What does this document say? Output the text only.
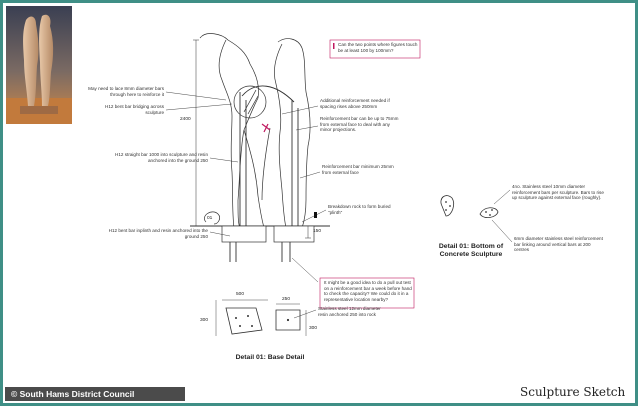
Can the two points where figures touch be at least 100 by 100mm?
May need to lace 8mm diameter bars through here to reinforce it
H12 bent bar bridging across sculpture
Additional reinforcement needed if spacing rises above 250mm
Reinforcement bar can be up to 75mm from external face to deal with any minor projections.
H12 straight bar 1000 into sculpture and resin anchored into the ground 250
Reinforcement bar minimum 25mm from external face
Breakdown rock to form buried "plinth"
H12 bent bar inplinth and resin anchored into the ground 250
It might be a good idea to do a pull out test on a reinforcement bar a week before hand to check the capacity? We could do it in a representative location nearby?
Stainless steel 12mm diameter resin anchored 250 into rock
4no. Stainless steel 10mm diameter reinforcement bars per sculpture. Bars to rise up sculpture against external face (roughly).
6mm diameter stainless steel reinforcement bar linking around vertical bars at 200 centres
2400
150
01
500
250
300
300
Detail 01: Base Detail
Detail 01: Bottom of Concrete Sculpture
© South Hams District Council	Sculpture Sketch
